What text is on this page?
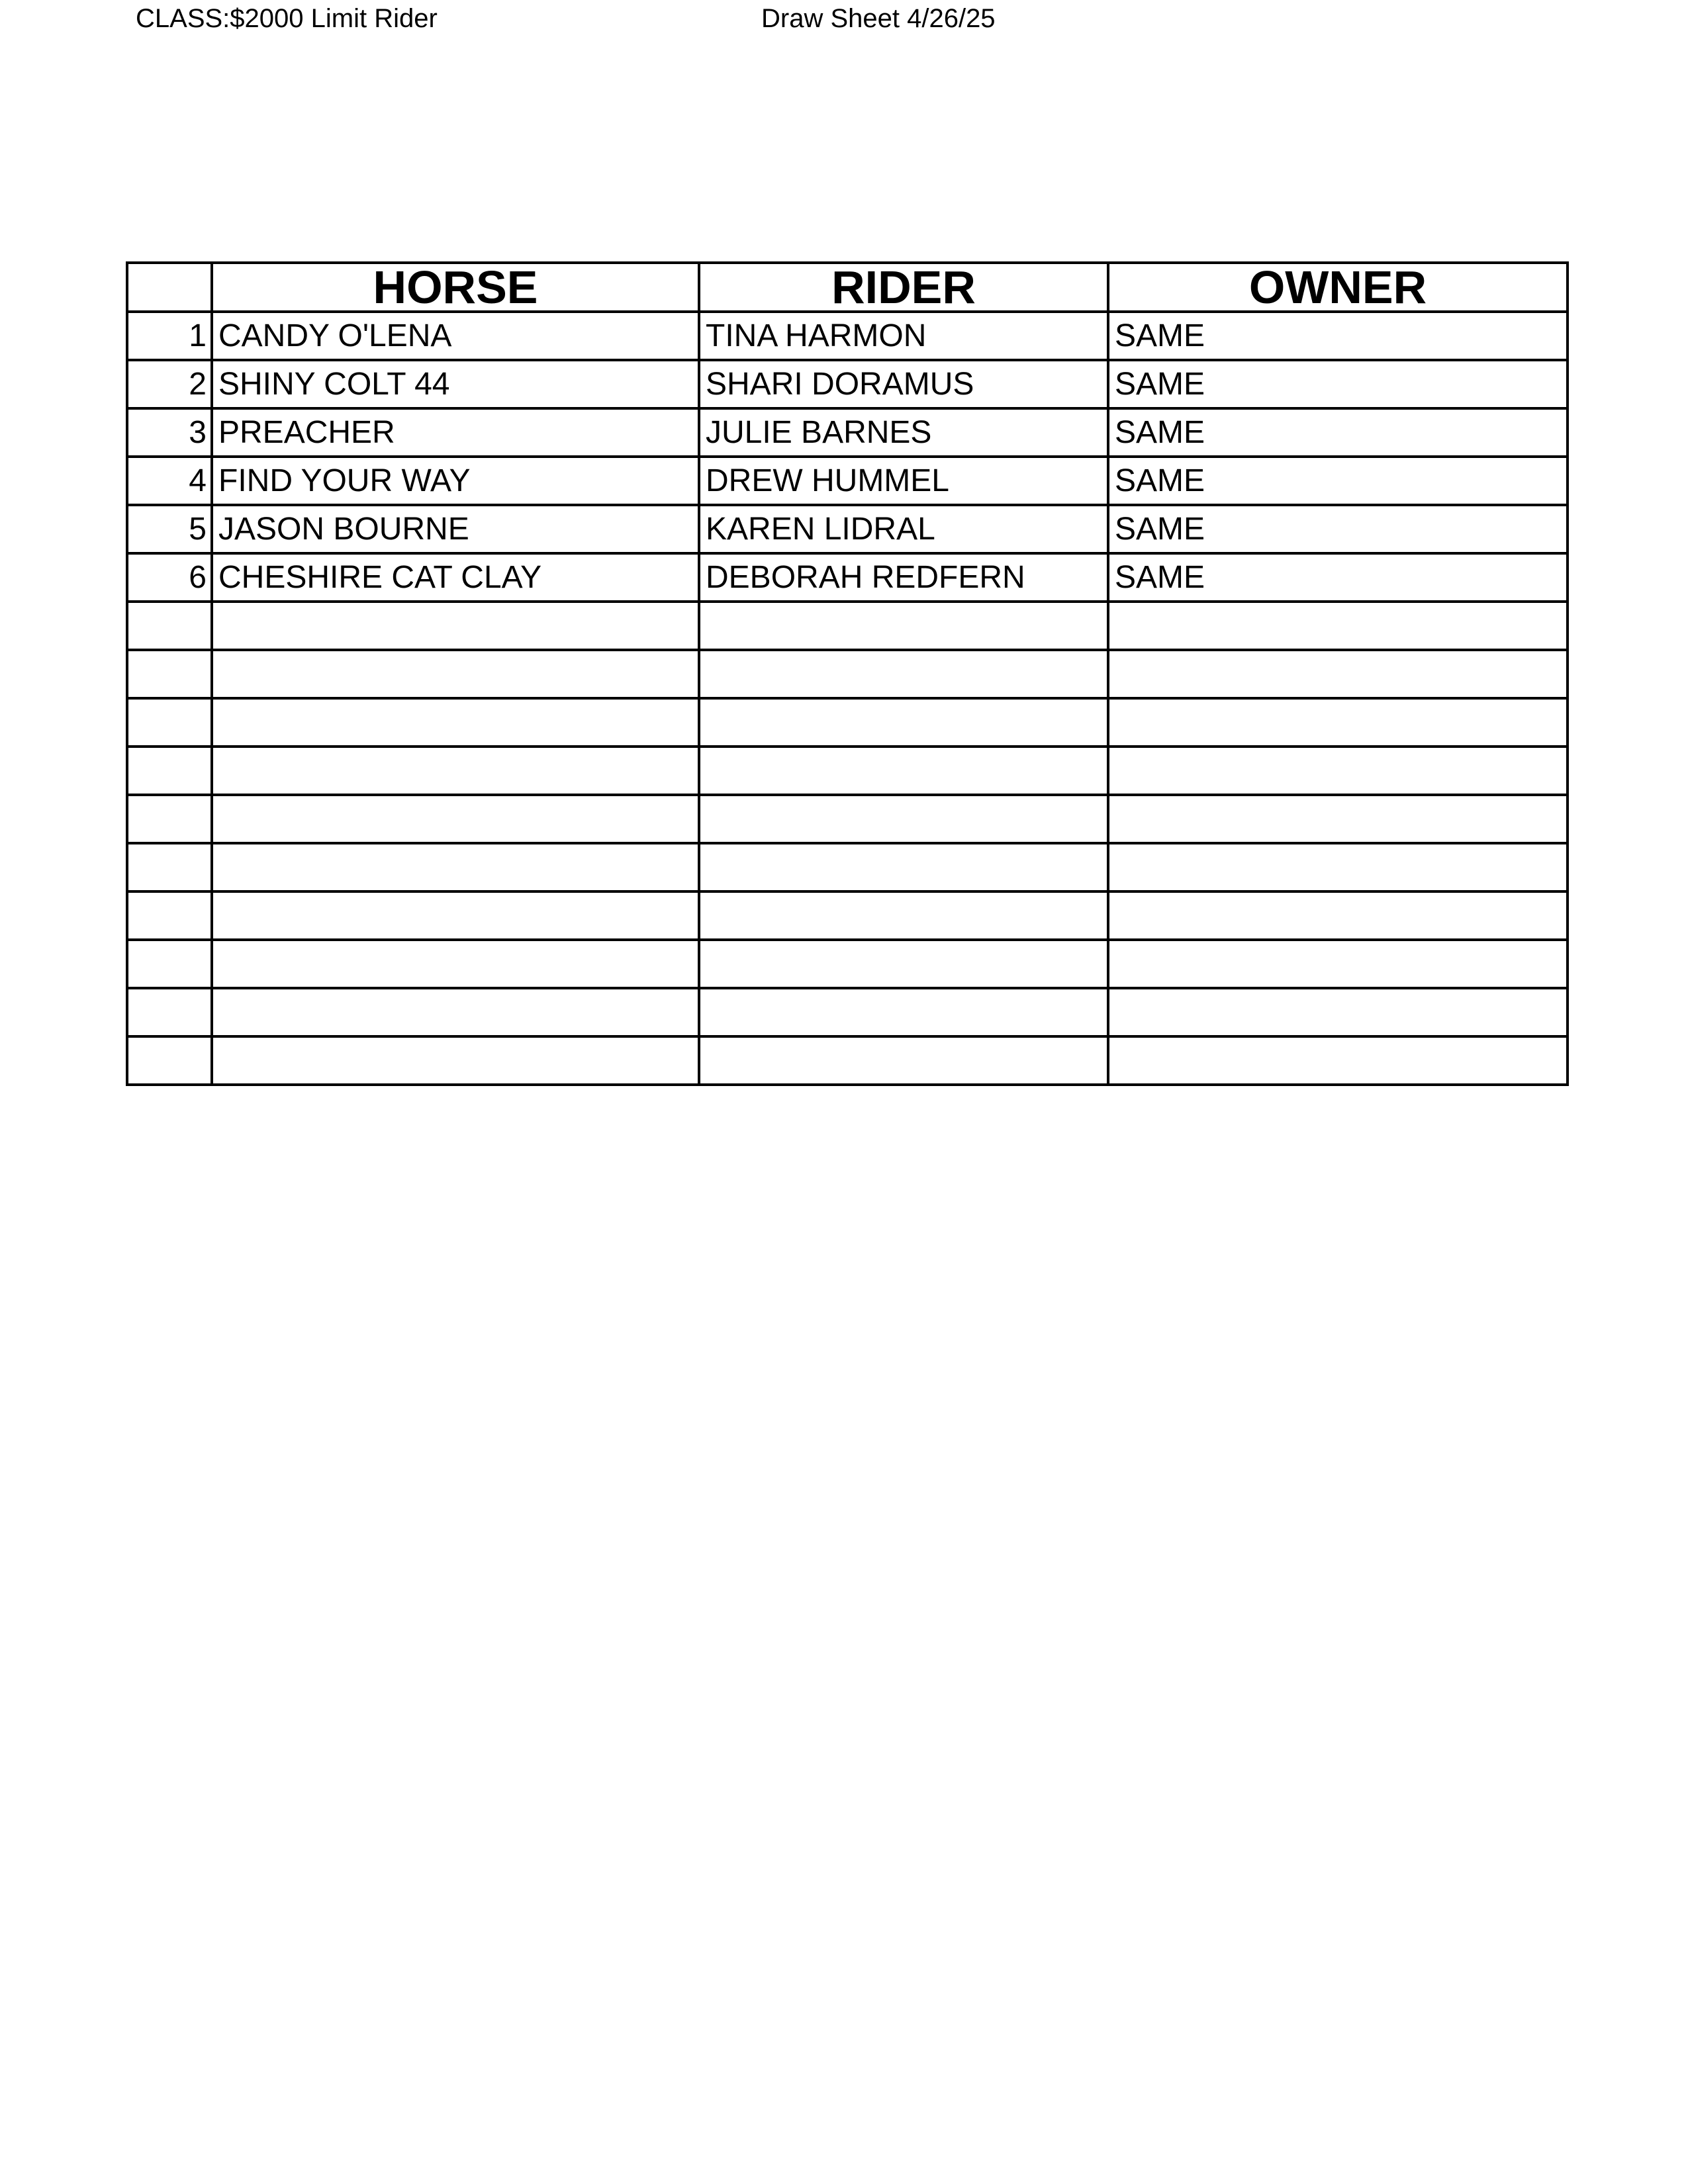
CLASS:$2000 Limit Rider	Draw Sheet 4/26/25
	HORSE	RIDER	OWNER
1	CANDY O'LENA	TINA HARMON	SAME
2	SHINY COLT 44	SHARI DORAMUS	SAME
3	PREACHER	JULIE BARNES	SAME
4	FIND YOUR WAY	DREW HUMMEL	SAME
5	JASON BOURNE	KAREN LIDRAL	SAME
6	CHESHIRE CAT CLAY	DEBORAH REDFERN	SAME
